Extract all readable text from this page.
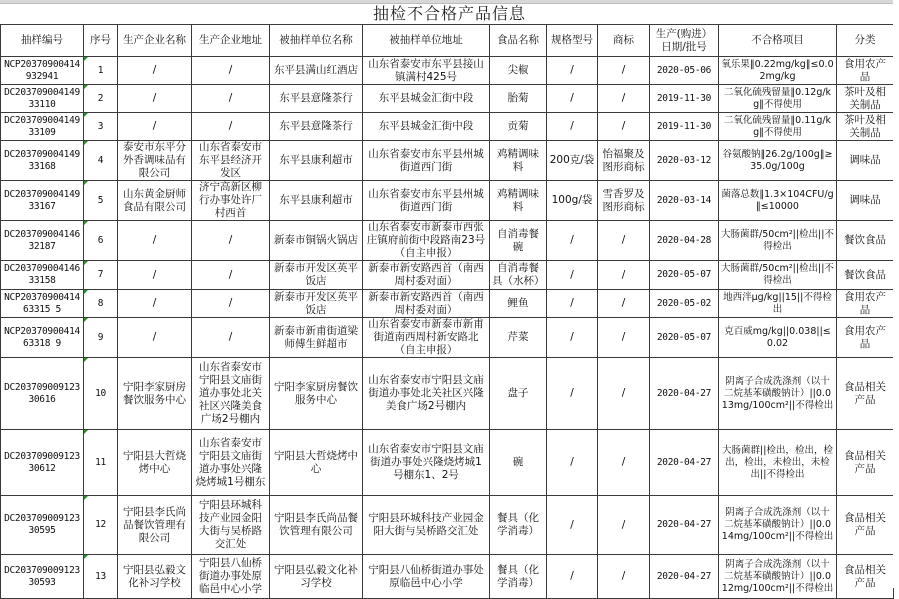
抽检不合格产品信息
抽样编号	序号	生产企业名称	生产企业地址	被抽样单位名称	被抽样单位地址	食品名称	规格型号	商标	生产(购进）日期/批号	不合格项目	分类
NCP20370900414932941	1	/	/	东平县满山红酒店	山东省泰安市东平县接山镇满村425号	尖椒	/	/	2020-05-06	氧乐果‖0.22mg/kg‖≤0.02mg/kg	食用农产品
DC20370900414933110	2	/	/	东平县意隆茶行	东平县城金汇街中段	胎菊	/	/	2019-11-30	二氧化硫残留量‖0.12g/kg‖不得使用	茶叶及相关制品
DC20370900414933109	3	/	/	东平县意隆茶行	东平县城金汇街中段	贡菊	/	/	2019-11-30	二氧化硫残留量‖0.11g/kg‖不得使用	茶叶及相关制品
DC20370900414933168	4	泰安市东平分外香调味品有限公司	山东省泰安市东平县经济开发区	东平县康利超市	山东省泰安市东平县州城街道西门街	鸡精调味料	200克/袋	怡福聚及图形商标	2020-03-12	谷氨酸钠‖26.2g/100g‖≥35.0g/100g	调味品
DC20370900414933167	5	山东黄金厨师食品有限公司	济宁高新区柳行办事处许厂村西首	东平县康利超市	山东省泰安市东平县州城街道西门街	鸡精调味料	100g/袋	雪香罗及图形商标	2020-03-14	菌落总数‖1.3×104CFU/g‖≤10000	调味品
DC20370900414632187	6	/	/	新泰市铜锅火锅店	山东省泰安市新泰市西张庄镇府前街中段路南23号（自主申报）	自消毒餐碗	/	/	2020-04-28	大肠菌群/50cm²||检出||不得检出	餐饮食品
DC20370900414633158	7	/	/	新泰市开发区英平饭店	新泰市新安路西首（南西周村委对面）	自消毒餐具（水杯）	/	/	2020-05-07	大肠菌群/50cm²||检出||不得检出	餐饮食品
NCP2037090041463315 5	8	/	/	新泰市开发区英平饭店	新泰市新安路西首（南西周村委对面）	鲤鱼	/	/	2020-05-02	地西泮μg/kg||15||不得检出	食用农产品
NCP2037090041463318 9	9	/	/	新泰市新甫街道梁师傅生鲜超市	山东省泰安市新泰市新甫街道南西周村新安路北（自主申报）	芹菜	/	/	2020-05-07	克百威mg/kg||0.038||≤0.02	食用农产品
DC20370900912330616	10	宁阳李家厨房餐饮服务中心	山东省泰安市宁阳县文庙街道办事处北关社区兴隆美食广场2号棚内	宁阳李家厨房餐饮服务中心	山东省泰安市宁阳县文庙街道办事处北关社区兴隆美食广场2号棚内	盘子	/	/	2020-04-27	阴离子合成洗涤剂（以十二烷基苯磺酸钠计）||0.013mg/100cm²||不得检出	食品相关产品
DC20370900912330612	11	宁阳县大哲烧烤中心	山东省泰安市宁阳县文庙街道办事处兴隆烧烤城1号棚东	宁阳县大哲烧烤中心	山东省泰安市宁阳县文庙街道办事处兴隆烧烤城1号棚东1、2号	碗	/	/	2020-04-27	大肠菌群||检出，检出，检出，检出，未检出，未检出||不得检出	食品相关产品
DC20370900912330595	12	宁阳县李氏尚品餐饮管理有限公司	宁阳县环城科技产业园金阳大街与吴桥路交汇处	宁阳县李氏尚品餐饮管理有限公司	宁阳县环城科技产业园金阳大街与吴桥路交汇处	餐具（化学消毒）	/	/	2020-04-27	阴离子合成洗涤剂（以十二烷基苯磺酸钠计）||0.014mg/100cm²||不得检出	食品相关产品
DC20370900912330593	13	宁阳县弘毅文化补习学校	宁阳县八仙桥街道办事处原临邑中心小学	宁阳县弘毅文化补习学校	宁阳县八仙桥街道办事处原临邑中心小学	餐具（化学消毒）	/	/	2020-04-27	阴离子合成洗涤剂（以十二烷基苯磺酸钠计）||0.012mg/100cm²||不得检出	食品相关产品
